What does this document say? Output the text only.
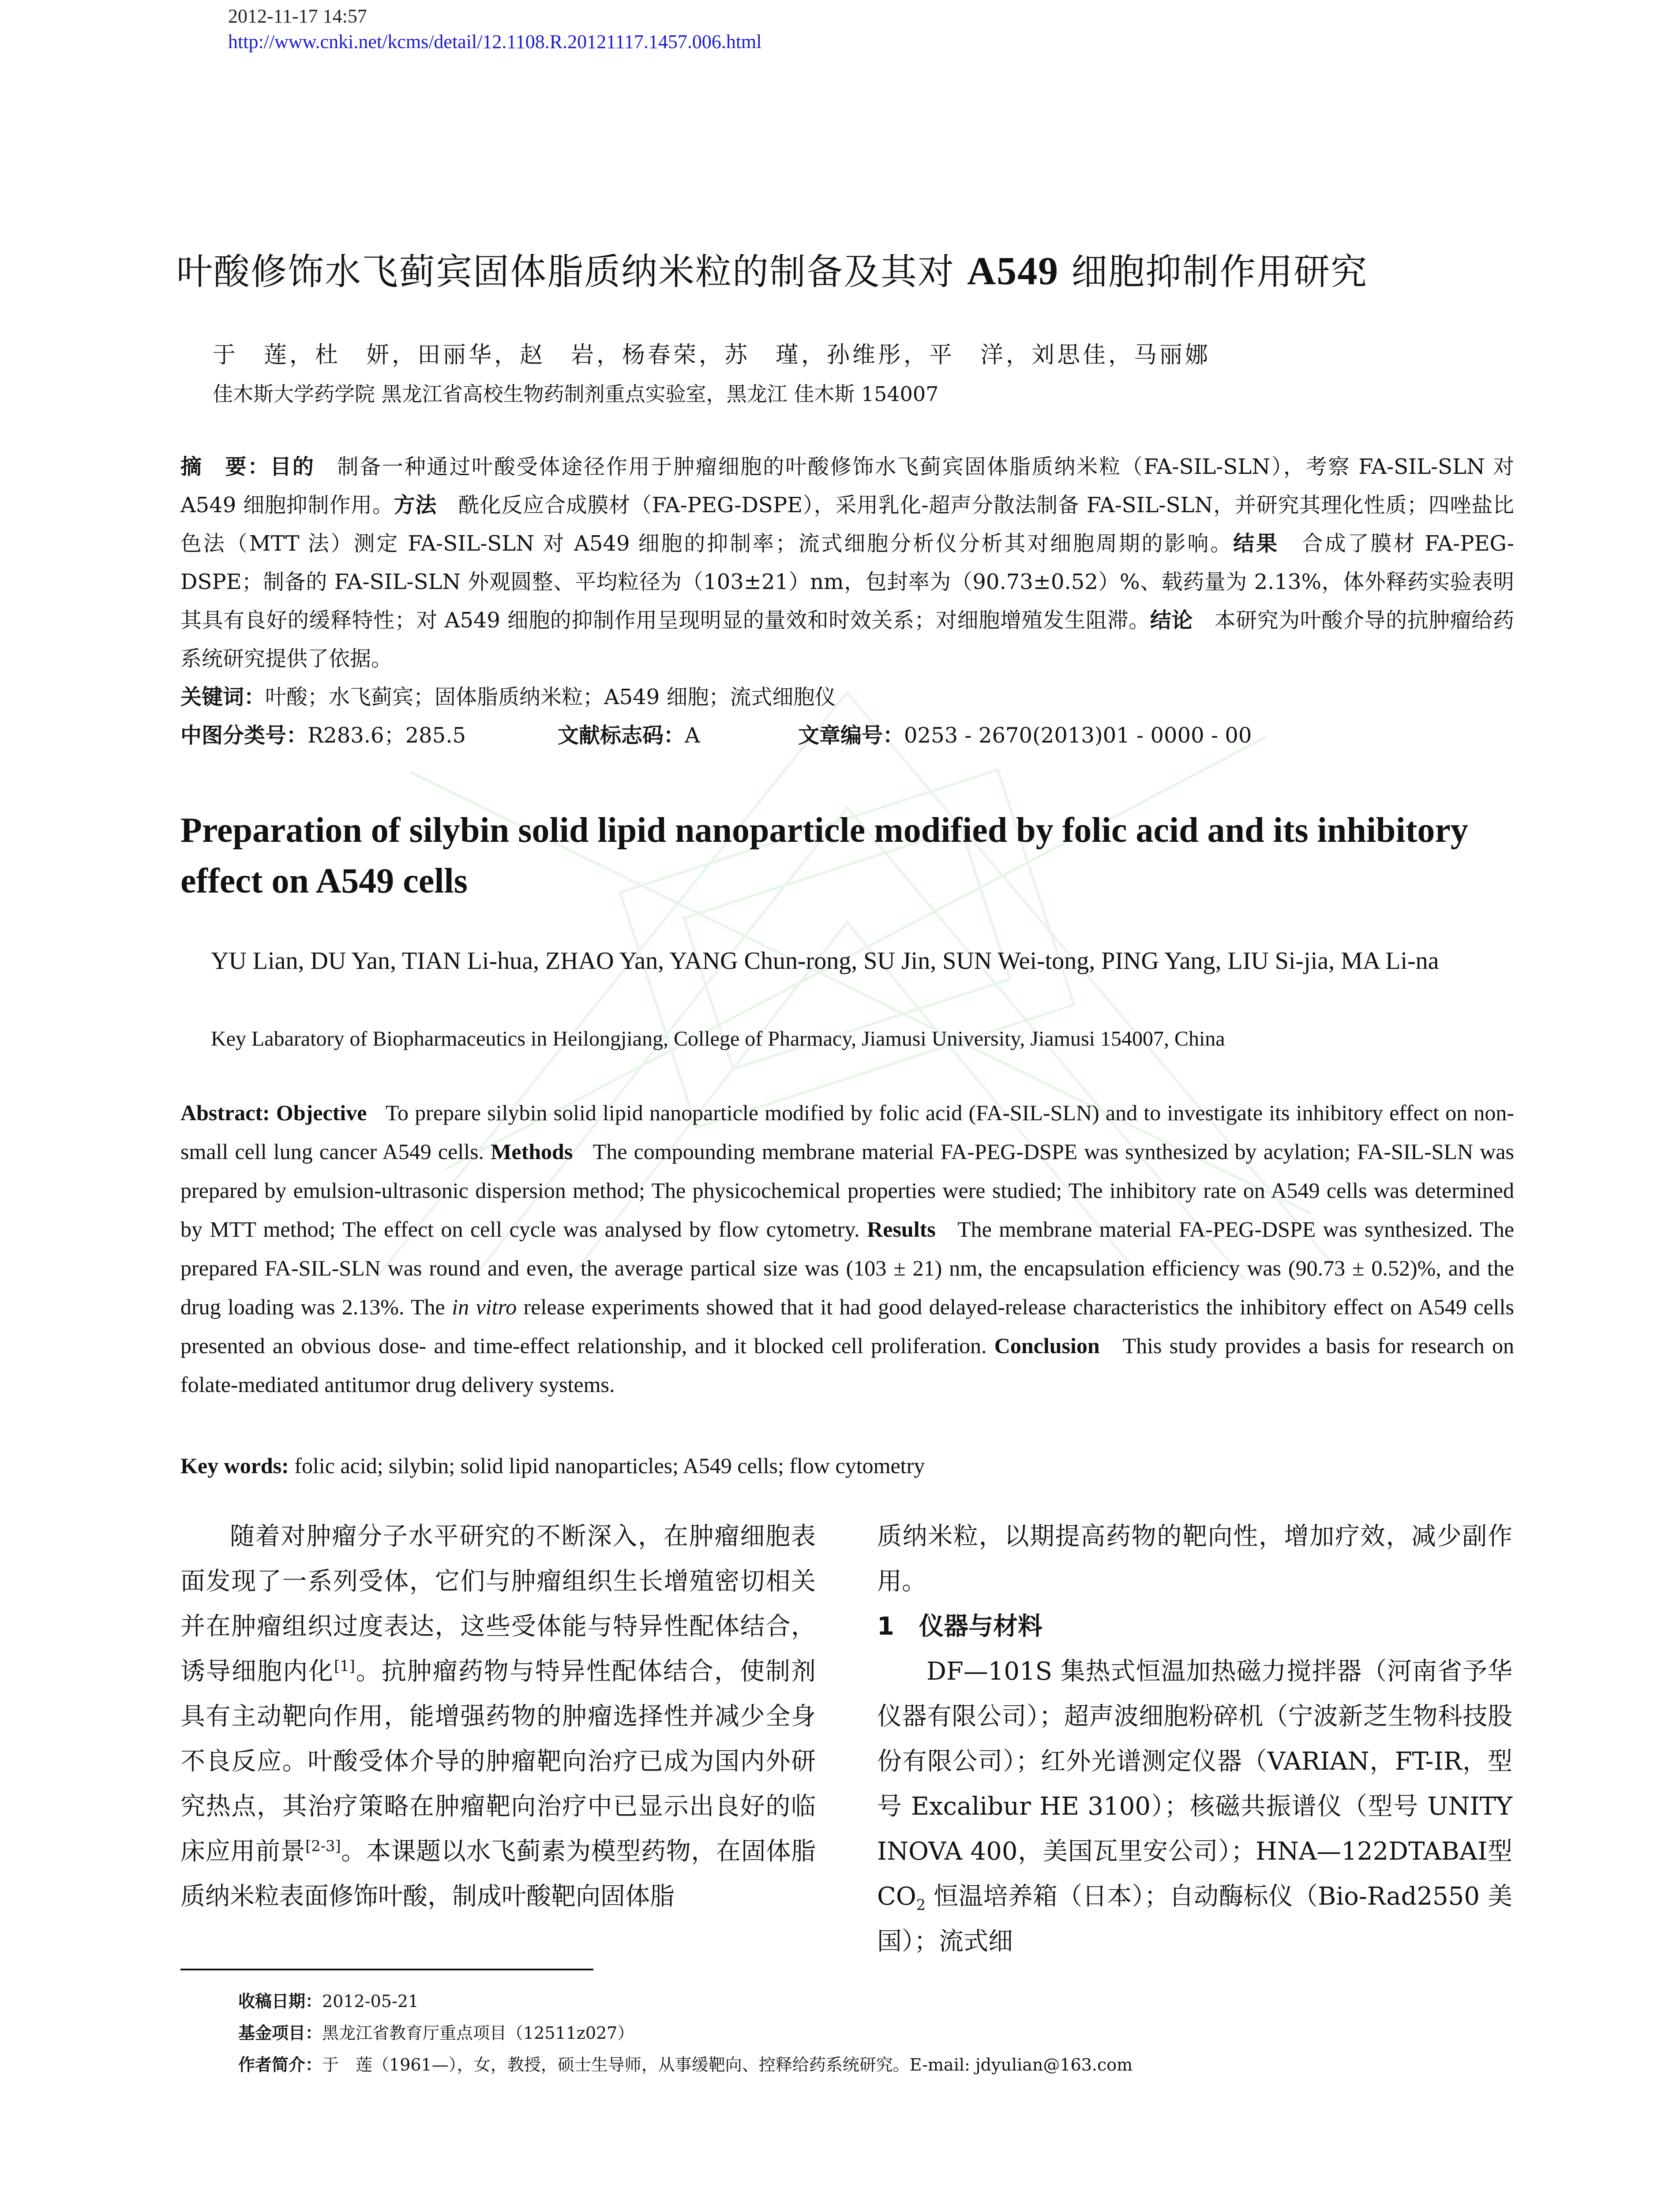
2012-11-17 14:57
http://www.cnki.net/kcms/detail/12.1108.R.20121117.1457.006.html
叶酸修饰水飞蓟宾固体脂质纳米粒的制备及其对 A549 细胞抑制作用研究
于　莲，杜　妍，田丽华，赵　岩，杨春荣，苏　瑾，孙维彤，平　洋，刘思佳，马丽娜
佳木斯大学药学院 黑龙江省高校生物药制剂重点实验室，黑龙江 佳木斯 154007
摘　要：目的　制备一种通过叶酸受体途径作用于肿瘤细胞的叶酸修饰水飞蓟宾固体脂质纳米粒（FA-SIL-SLN），考察 FA-SIL-SLN 对 A549 细胞抑制作用。方法　酰化反应合成膜材（FA-PEG-DSPE），采用乳化-超声分散法制备 FA-SIL-SLN，并研究其理化性质；四唑盐比色法（MTT 法）测定 FA-SIL-SLN 对 A549 细胞的抑制率；流式细胞分析仪分析其对细胞周期的影响。结果　合成了膜材 FA-PEG-DSPE；制备的 FA-SIL-SLN 外观圆整、平均粒径为（103±21）nm，包封率为（90.73±0.52）%、载药量为 2.13%，体外释药实验表明其具有良好的缓释特性；对 A549 细胞的抑制作用呈现明显的量效和时效关系；对细胞增殖发生阻滞。结论　本研究为叶酸介导的抗肿瘤给药系统研究提供了依据。
关键词：叶酸；水飞蓟宾；固体脂质纳米粒；A549 细胞；流式细胞仪
中图分类号：R283.6；285.5	文献标志码：A	文章编号：0253 - 2670(2013)01 - 0000 - 00
Preparation of silybin solid lipid nanoparticle modified by folic acid and its inhibitory effect on A549 cells
YU Lian, DU Yan, TIAN Li-hua, ZHAO Yan, YANG Chun-rong, SU Jin, SUN Wei-tong, PING Yang, LIU Si-jia, MA Li-na
Key Labaratory of Biopharmaceutics in Heilongjiang, College of Pharmacy, Jiamusi University, Jiamusi 154007, China
Abstract: Objective To prepare silybin solid lipid nanoparticle modified by folic acid (FA-SIL-SLN) and to investigate its inhibitory effect on non-small cell lung cancer A549 cells. Methods The compounding membrane material FA-PEG-DSPE was synthesized by acylation; FA-SIL-SLN was prepared by emulsion-ultrasonic dispersion method; The physicochemical properties were studied; The inhibitory rate on A549 cells was determined by MTT method; The effect on cell cycle was analysed by flow cytometry. Results The membrane material FA-PEG-DSPE was synthesized. The prepared FA-SIL-SLN was round and even, the average partical size was (103 ± 21) nm, the encapsulation efficiency was (90.73 ± 0.52)%, and the drug loading was 2.13%. The in vitro release experiments showed that it had good delayed-release characteristics the inhibitory effect on A549 cells presented an obvious dose- and time-effect relationship, and it blocked cell proliferation. Conclusion This study provides a basis for research on folate-mediated antitumor drug delivery systems.
Key words: folic acid; silybin; solid lipid nanoparticles; A549 cells; flow cytometry

随着对肿瘤分子水平研究的不断深入，在肿瘤细胞表面发现了一系列受体，它们与肿瘤组织生长增殖密切相关并在肿瘤组织过度表达，这些受体能与特异性配体结合，诱导细胞内化[1]。抗肿瘤药物与特异性配体结合，使制剂具有主动靶向作用，能增强药物的肿瘤选择性并减少全身不良反应。叶酸受体介导的肿瘤靶向治疗已成为国内外研究热点，其治疗策略在肿瘤靶向治疗中已显示出良好的临床应用前景[2-3]。本课题以水飞蓟素为模型药物，在固体脂质纳米粒表面修饰叶酸，制成叶酸靶向固体脂

质纳米粒，以期提高药物的靶向性，增加疗效，减少副作用。

1　仪器与材料

DF—101S 集热式恒温加热磁力搅拌器（河南省予华仪器有限公司）；超声波细胞粉碎机（宁波新芝生物科技股份有限公司）；红外光谱测定仪器（VARIAN，FT-IR，型号 Excalibur HE 3100）；核磁共振谱仪（型号 UNITY INOVA 400，美国瓦里安公司）；HNA—122DTABAⅠ型 $CO_2$ 恒温培养箱（日本）；自动酶标仪（Bio-Rad2550 美国）；流式细

收稿日期：2012-05-21
基金项目：黑龙江省教育厅重点项目（12511z027）
作者简介：于　莲（1961—），女，教授，硕士生导师，从事缓靶向、控释给药系统研究。E-mail: jdyulian@163.com
